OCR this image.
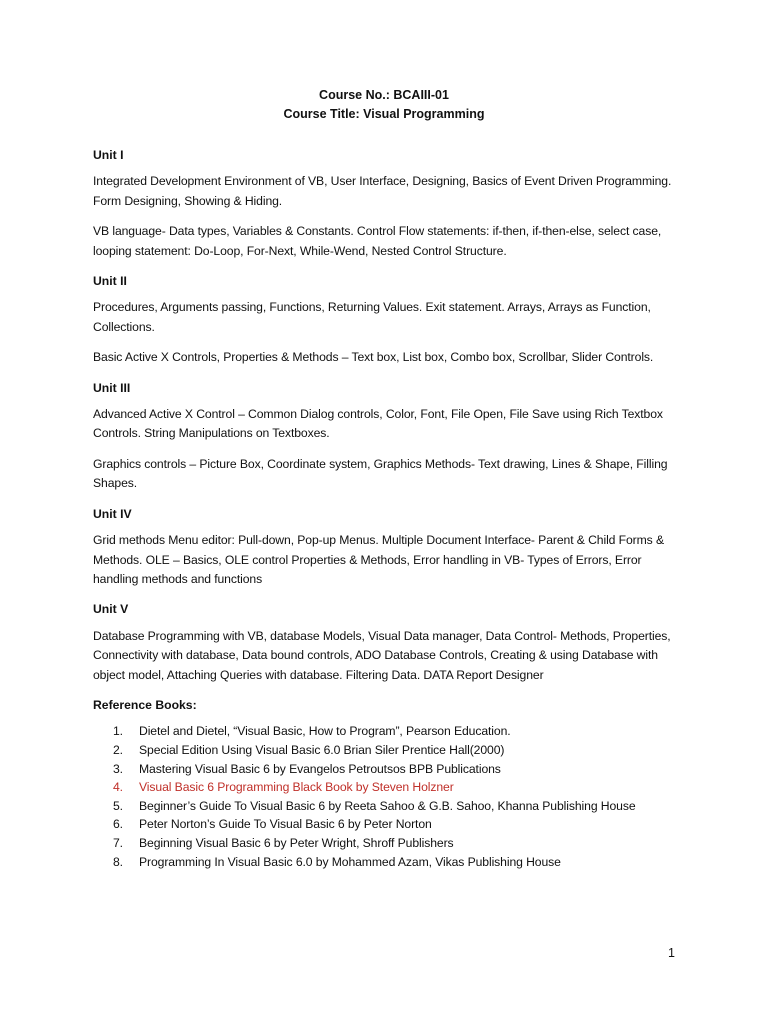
Course No.: BCAIII-01
Course Title: Visual Programming
Unit I
Integrated Development Environment of VB, User Interface, Designing, Basics of Event Driven Programming. Form Designing, Showing & Hiding.
VB language- Data types, Variables & Constants. Control Flow statements: if-then, if-then-else, select case, looping statement: Do-Loop, For-Next, While-Wend, Nested Control Structure.
Unit II
Procedures, Arguments passing, Functions, Returning Values. Exit statement. Arrays, Arrays as Function, Collections.
Basic Active X Controls, Properties & Methods – Text box, List box, Combo box, Scrollbar, Slider Controls.
Unit III
Advanced Active X Control – Common Dialog controls, Color, Font, File Open, File Save using Rich Textbox Controls. String Manipulations on Textboxes.
Graphics controls – Picture Box, Coordinate system, Graphics Methods- Text drawing, Lines & Shape, Filling Shapes.
Unit IV
Grid methods Menu editor: Pull-down, Pop-up Menus. Multiple Document Interface- Parent & Child Forms & Methods. OLE – Basics, OLE control Properties & Methods, Error handling in VB- Types of Errors, Error handling methods and functions
Unit V
Database Programming with VB, database Models, Visual Data manager, Data Control- Methods, Properties, Connectivity with database, Data bound controls, ADO Database Controls, Creating & using Database with object model, Attaching Queries with database. Filtering Data. DATA Report Designer
Reference Books:
1. Dietel and Dietel, “Visual Basic, How to Program”, Pearson Education.
2. Special Edition Using Visual Basic 6.0 Brian Siler Prentice Hall(2000)
3. Mastering Visual Basic 6 by Evangelos Petroutsos BPB Publications
4. Visual Basic 6 Programming Black Book by Steven Holzner
5. Beginner’s Guide To Visual Basic 6 by Reeta Sahoo & G.B. Sahoo, Khanna Publishing House
6. Peter Norton’s Guide To Visual Basic 6 by Peter Norton
7. Beginning Visual Basic 6 by Peter Wright, Shroff Publishers
8. Programming In Visual Basic 6.0 by Mohammed Azam, Vikas Publishing House
1
